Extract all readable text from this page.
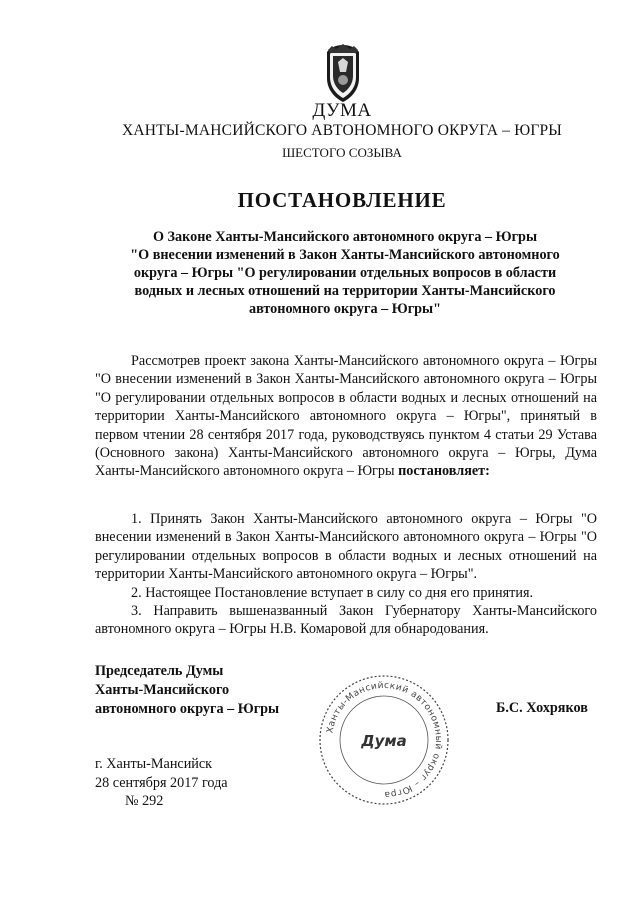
ДУМА
ХАНТЫ-МАНСИЙСКОГО АВТОНОМНОГО ОКРУГА – ЮГРЫ
ШЕСТОГО СОЗЫВА
ПОСТАНОВЛЕНИЕ
О Законе Ханты-Мансийского автономного округа – Югры
"О внесении изменений в Закон Ханты-Мансийского автономного
округа – Югры "О регулировании отдельных вопросов в области
водных и лесных отношений на территории Ханты-Мансийского
автономного округа – Югры"
Рассмотрев проект закона Ханты-Мансийского автономного округа – Югры "О внесении изменений в Закон Ханты-Мансийского автономного округа – Югры "О регулировании отдельных вопросов в области водных и лесных отношений на территории Ханты-Мансийского автономного округа – Югры", принятый в первом чтении 28 сентября 2017 года, руководствуясь пунктом 4 статьи 29 Устава (Основного закона) Ханты-Мансийского автономного округа – Югры, Дума Ханты-Мансийского автономного округа – Югры постановляет:
1. Принять Закон Ханты-Мансийского автономного округа – Югры "О внесении изменений в Закон Ханты-Мансийского автономного округа – Югры "О регулировании отдельных вопросов в области водных и лесных отношений на территории Ханты-Мансийского автономного округа – Югры".
2. Настоящее Постановление вступает в силу со дня его принятия.
3. Направить вышеназванный Закон Губернатору Ханты-Мансийского автономного округа – Югры Н.В. Комаровой для обнародования.
Председатель Думы
Ханты-Мансийского
автономного округа – Югры
Ханты-Мансийский автономный округ – Югра
Дума
Б.С. Хохряков
г. Ханты-Мансийск
28 сентября 2017 года
№ 292
